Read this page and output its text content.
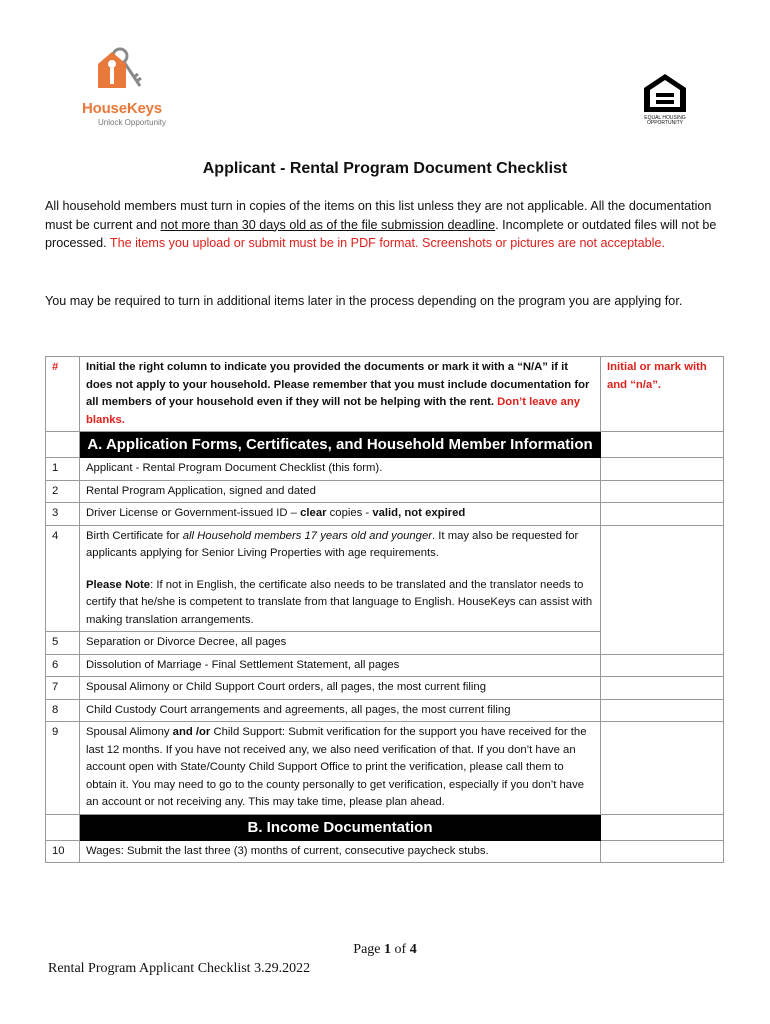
HouseKeys
Unlock Opportunity	EQUAL HOUSING OPPORTUNITY
Applicant - Rental Program Document Checklist
All household members must turn in copies of the items on this list unless they are not applicable. All the documentation must be current and not more than 30 days old as of the file submission deadline. Incomplete or outdated files will not be processed. The items you upload or submit must be in PDF format. Screenshots or pictures are not acceptable.
You may be required to turn in additional items later in the process depending on the program you are applying for.
#	Initial the right column to indicate you provided the documents or mark it with a “N/A” if it does not apply to your household. Please remember that you must include documentation for all members of your household even if they will not be helping with the rent. Don’t leave any blanks.	Initial or mark with and “n/a”.
	A. Application Forms, Certificates, and Household Member Information	
1	Applicant - Rental Program Document Checklist (this form).	
2	Rental Program Application, signed and dated	
3	Driver License or Government-issued ID – clear copies - valid, not expired	
4	Birth Certificate for all Household members 17 years old and younger. It may also be requested for applicants applying for Senior Living Properties with age requirements.
Please Note: If not in English, the certificate also needs to be translated and the translator needs to certify that he/she is competent to translate from that language to English. HouseKeys can assist with making translation arrangements.	

5	Separation or Divorce Decree, all pages	
6	Dissolution of Marriage - Final Settlement Statement, all pages	
7	Spousal Alimony or Child Support Court orders, all pages, the most current filing	
8	Child Custody Court arrangements and agreements, all pages, the most current filing	
9	Spousal Alimony and /or Child Support: Submit verification for the support you have received for the last 12 months. If you have not received any, we also need verification of that. If you don’t have an account open with State/County Child Support Office to print the verification, please call them to obtain it. You may need to go to the county personally to get verification, especially if you don’t have an account or not receiving any. This may take time, please plan ahead.	
	B. Income Documentation	
10	Wages: Submit the last three (3) months of current, consecutive paycheck stubs.	
Page 1 of 4
Rental Program Applicant Checklist 3.29.2022
